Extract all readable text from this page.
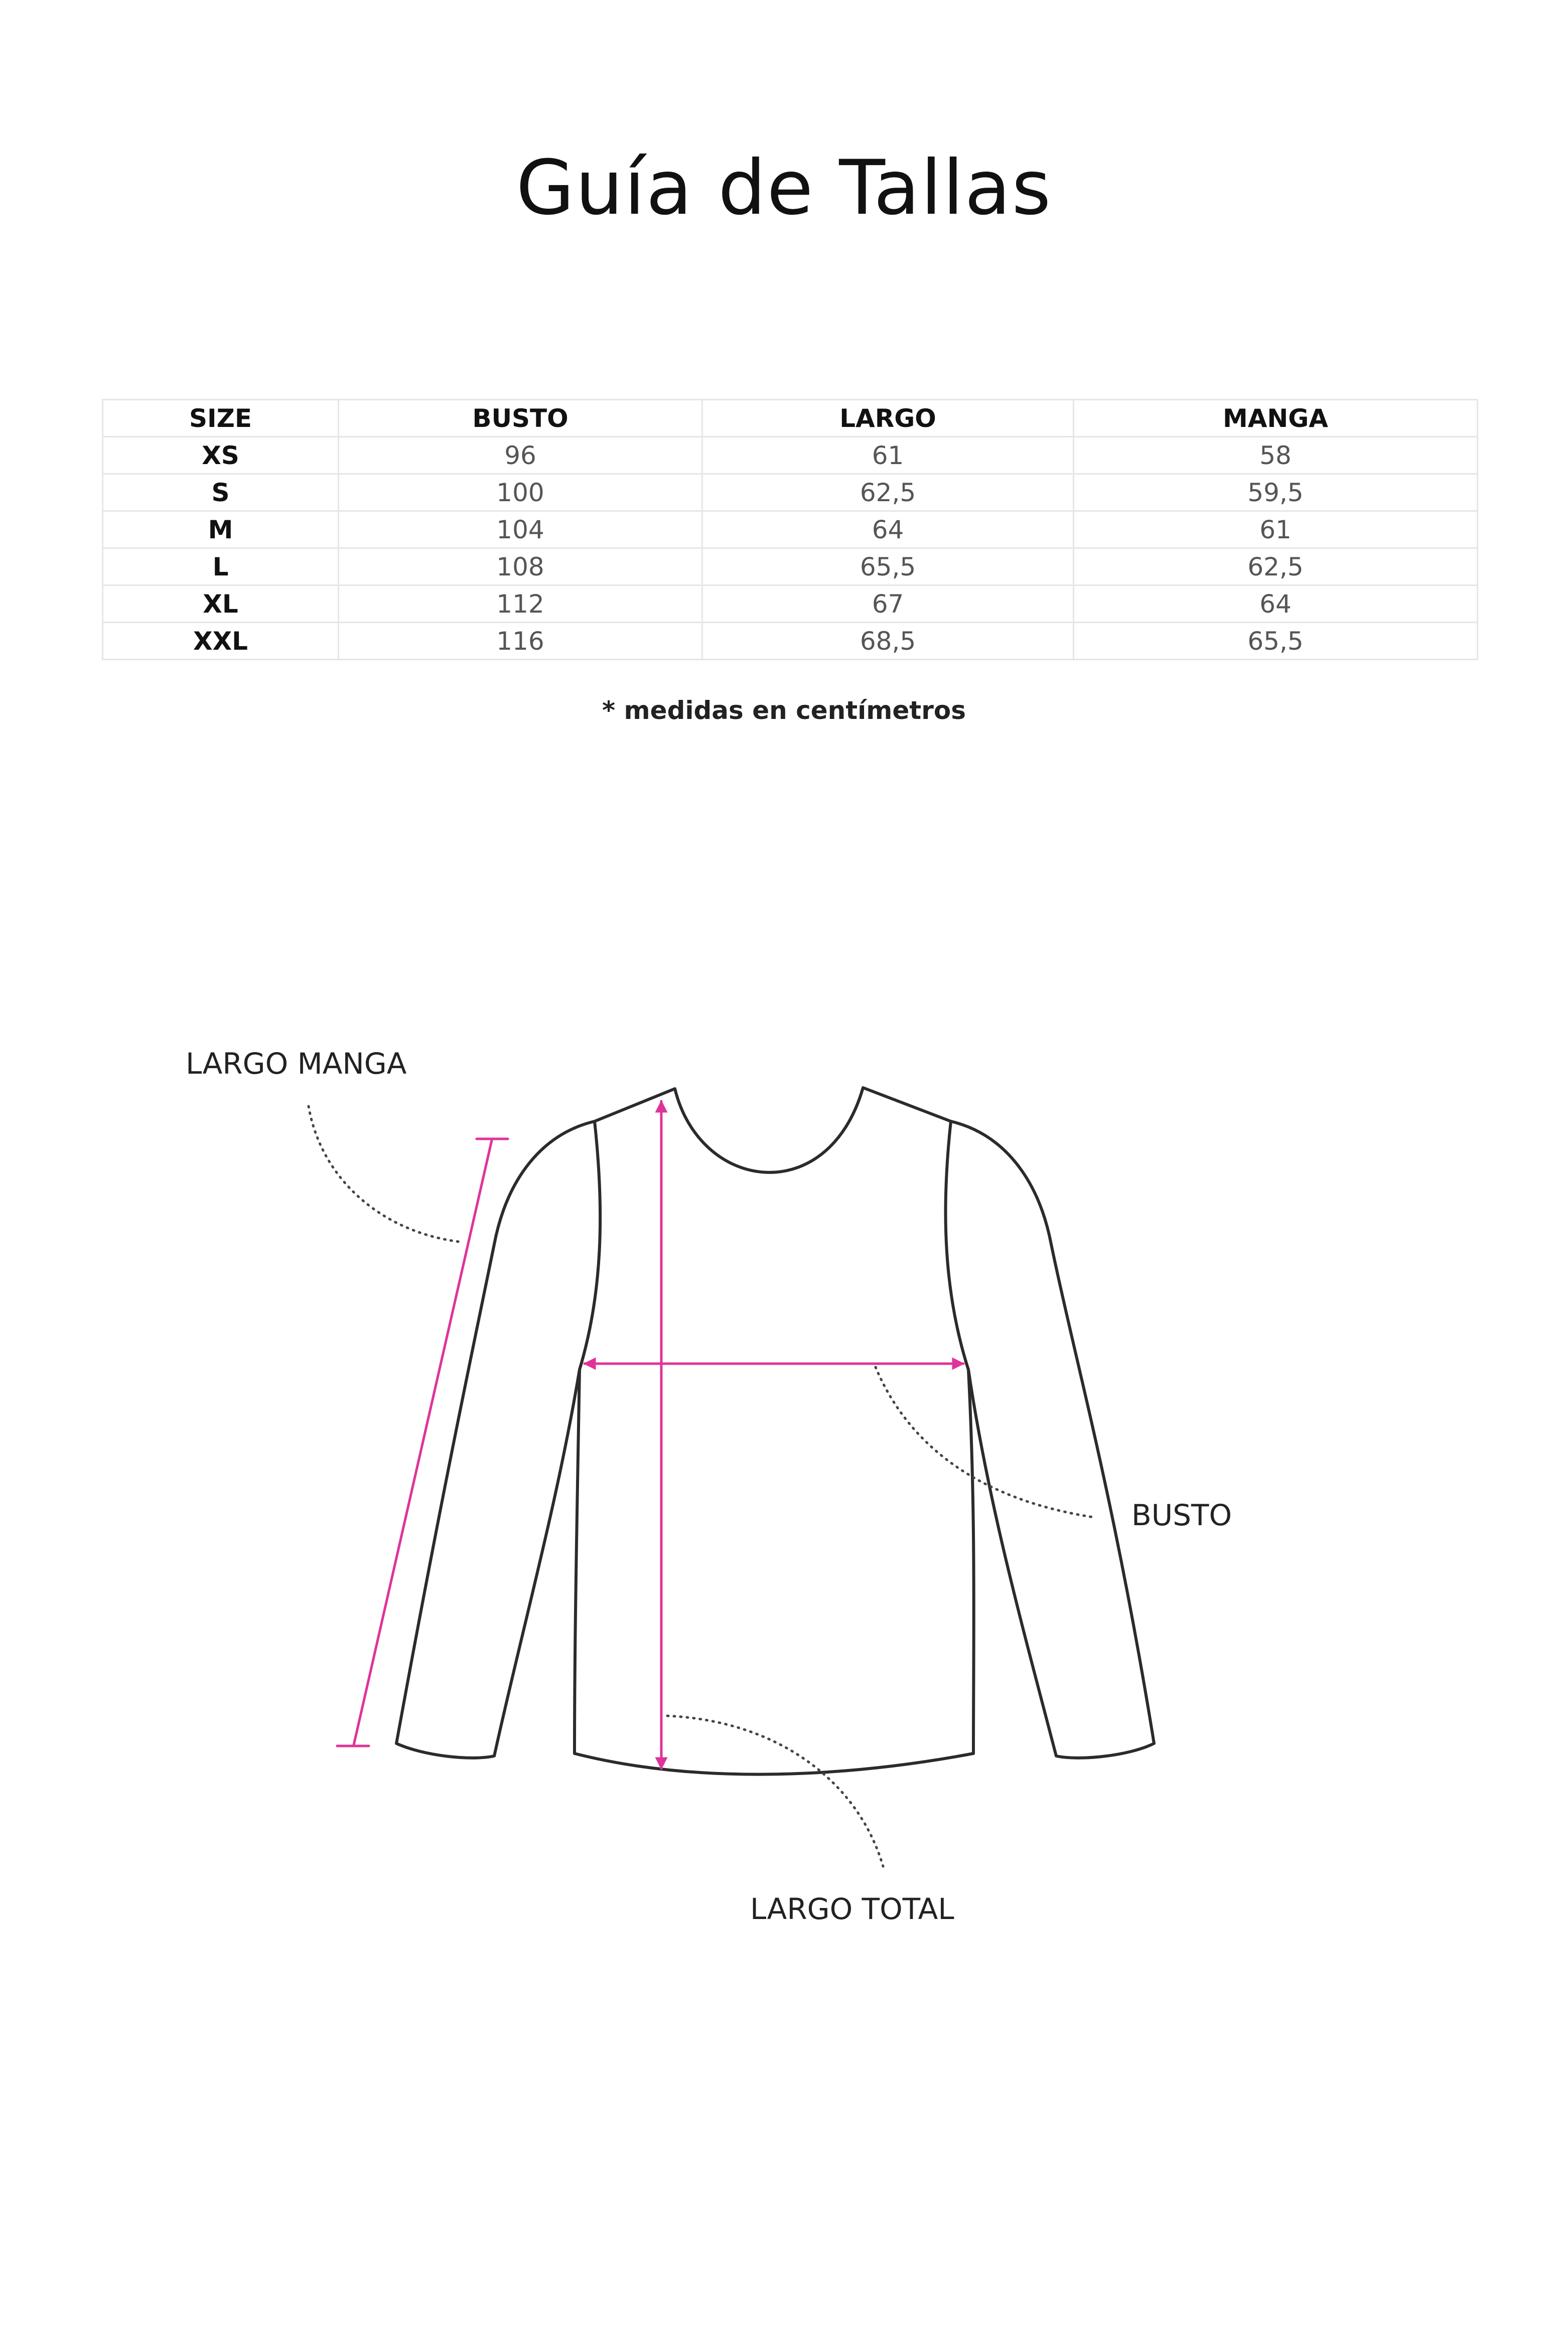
Guía de Tallas
SIZE	BUSTO	LARGO	MANGA
XS	96	61	58
S	100	62,5	59,5
M	104	64	61
L	108	65,5	62,5
XL	112	67	64
XXL	116	68,5	65,5
* medidas en centímetros
LARGO MANGA
BUSTO
LARGO TOTAL
